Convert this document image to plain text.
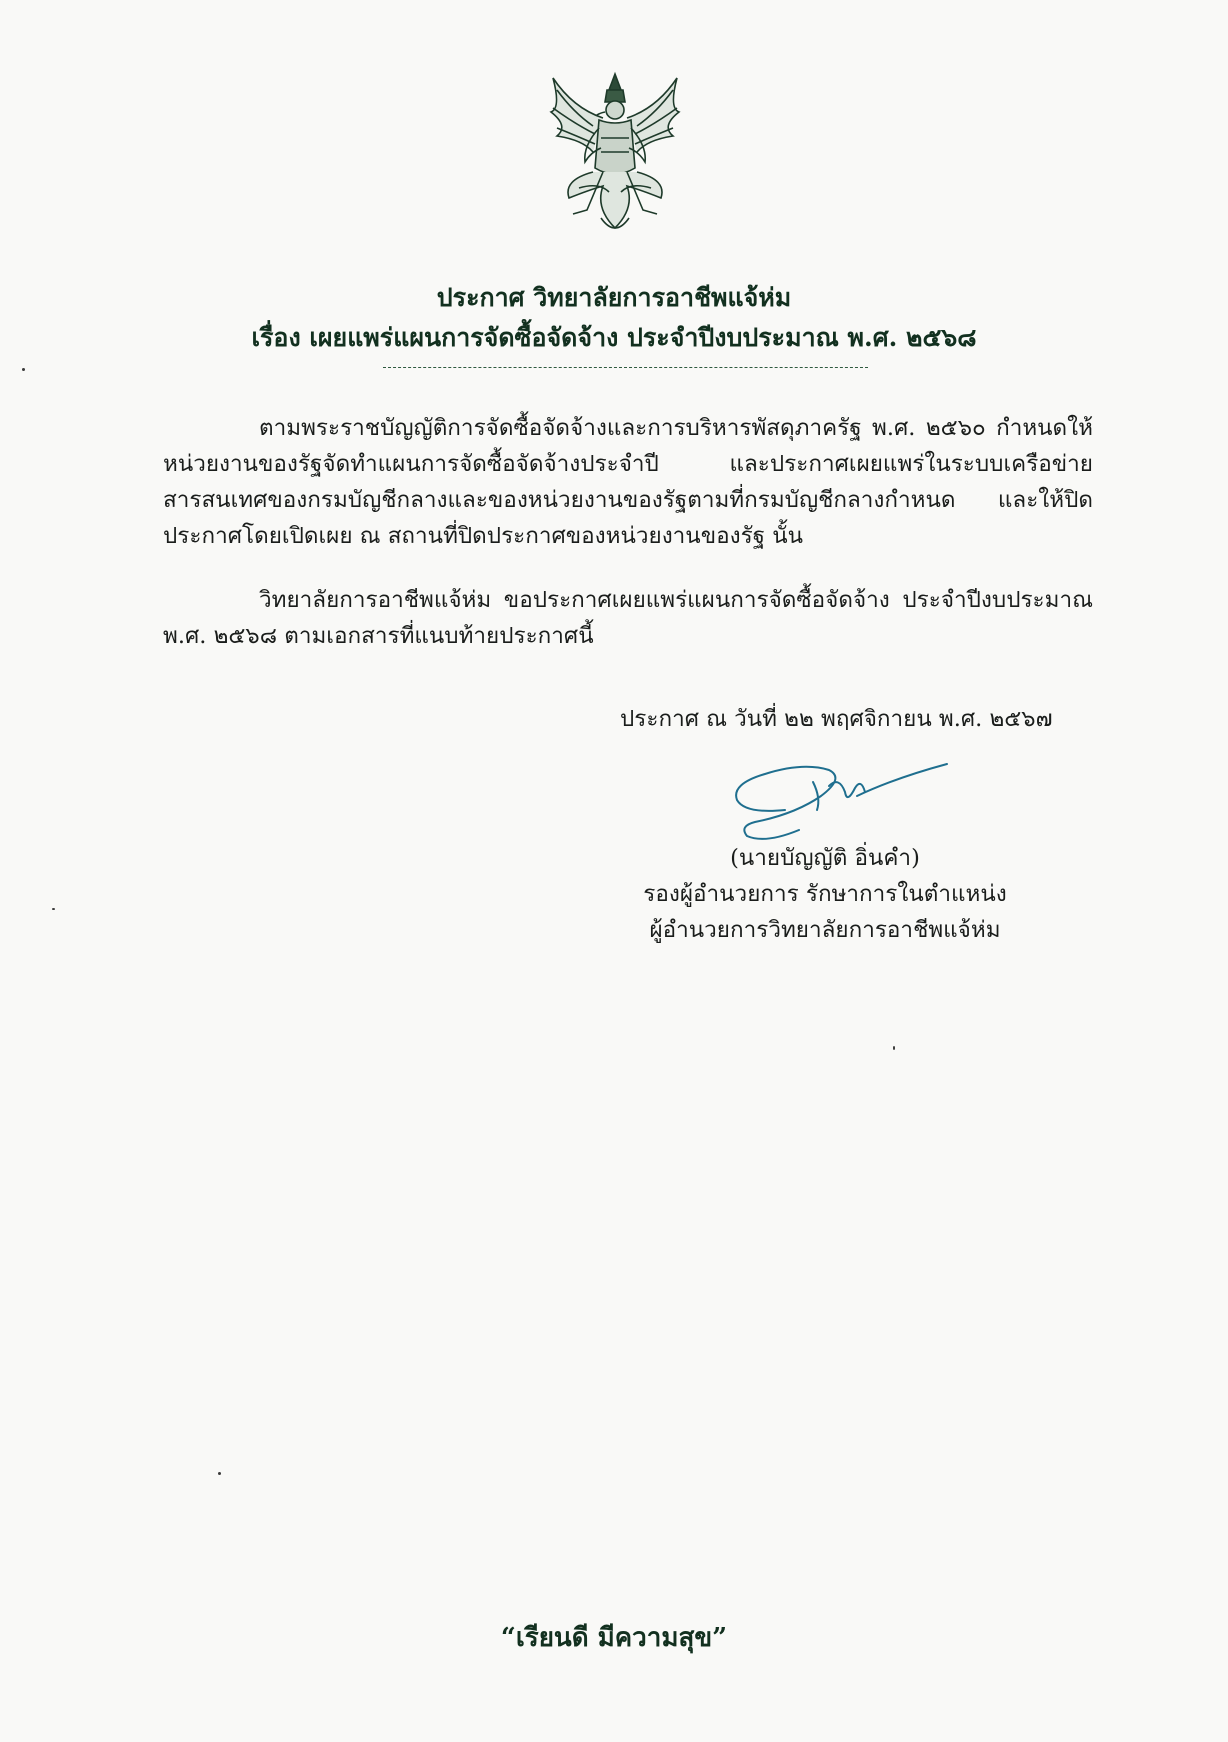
ประกาศ วิทยาลัยการอาชีพแจ้ห่ม
เรื่อง เผยแพร่แผนการจัดซื้อจัดจ้าง ประจำปีงบประมาณ พ.ศ. ๒๕๖๘
ตามพระราชบัญญัติการจัดซื้อจัดจ้างและการบริหารพัสดุภาครัฐ พ.ศ. ๒๕๖๐ กำหนดให้หน่วยงานของรัฐจัดทำแผนการจัดซื้อจัดจ้างประจำปี และประกาศเผยแพร่ในระบบเครือข่ายสารสนเทศของกรมบัญชีกลางและของหน่วยงานของรัฐตามที่กรมบัญชีกลางกำหนด และให้ปิดประกาศโดยเปิดเผย ณ สถานที่ปิดประกาศของหน่วยงานของรัฐ นั้น
วิทยาลัยการอาชีพแจ้ห่ม ขอประกาศเผยแพร่แผนการจัดซื้อจัดจ้าง ประจำปีงบประมาณ พ.ศ. ๒๕๖๘ ตามเอกสารที่แนบท้ายประกาศนี้
ประกาศ ณ วันที่ ๒๒ พฤศจิกายน พ.ศ. ๒๕๖๗
(นายบัญญัติ อิ่นคำ)
รองผู้อำนวยการ รักษาการในตำแหน่ง
ผู้อำนวยการวิทยาลัยการอาชีพแจ้ห่ม
“เรียนดี มีความสุข”
